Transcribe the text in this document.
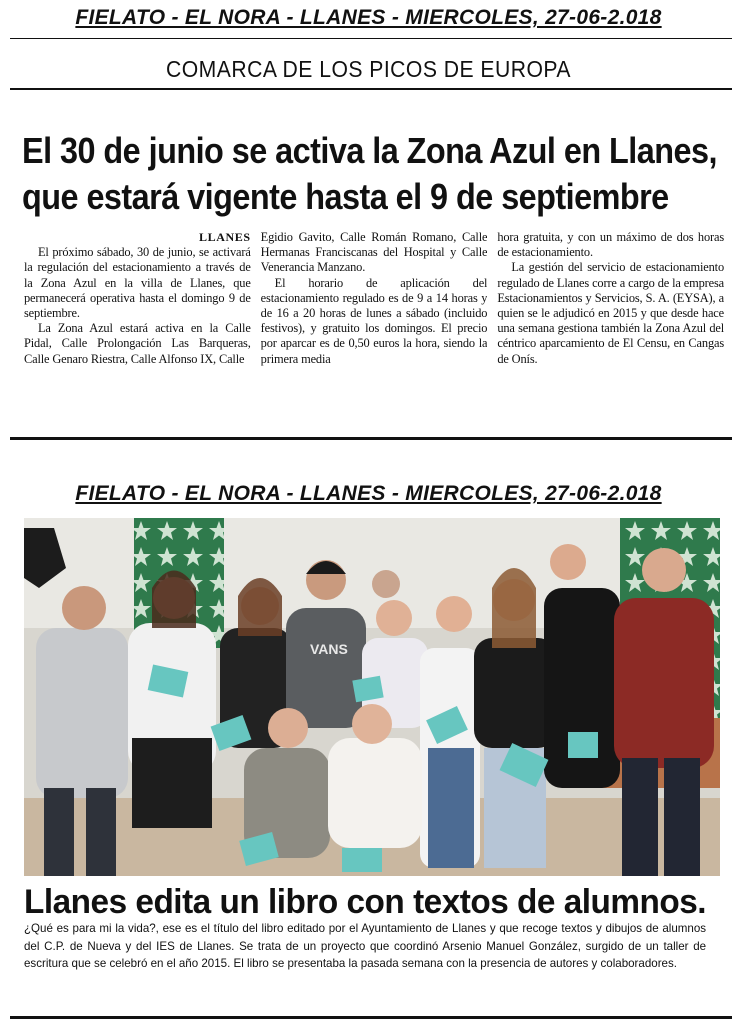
FIELATO - EL NORA - LLANES - MIERCOLES, 27-06-2.018
COMARCA DE LOS PICOS DE EUROPA
El 30 de junio se activa la Zona Azul en Llanes,
que estará vigente hasta el 9 de septiembre
LLANES

El próximo sábado, 30 de junio, se activará la regulación del estacionamiento a través de la Zona Azul en la villa de Llanes, que permanecerá operativa hasta el domingo 9 de septiembre.

La Zona Azul estará activa en la Calle Pidal, Calle Prolongación Las Barqueras, Calle Genaro Riestra, Calle Alfonso IX, Calle

Egidio Gavito, Calle Román Romano, Calle Hermanas Franciscanas del Hospital y Calle Venerancia Manzano.

El horario de aplicación del estacionamiento regulado es de 9 a 14 horas y de 16 a 20 horas de lunes a sábado (incluido festivos), y gratuito los domingos. El precio por aparcar es de 0,50 euros la hora, siendo la primera media

hora gratuita, y con un máximo de dos horas de estacionamiento.

La gestión del servicio de estacionamiento regulado de Llanes corre a cargo de la empresa Estacionamientos y Servicios, S. A. (EYSA), a quien se le adjudicó en 2015 y que desde hace una semana gestiona también la Zona Azul del céntrico aparcamiento de El Censu, en Cangas de Onís.

FIELATO - EL NORA - LLANES - MIERCOLES, 27-06-2.018
VANS
Llanes edita un libro con textos de alumnos. ¿Qué es para mi la vida?, ese es el título del libro editado por el Ayuntamiento de Llanes y que recoge textos y dibujos de alumnos del C.P. de Nueva y del IES de Llanes. Se trata de un proyecto que coordinó Arsenio Manuel González, surgido de un taller de escritura que se celebró en el año 2015. El libro se presentaba la pasada semana con la presencia de autores y colaboradores.
